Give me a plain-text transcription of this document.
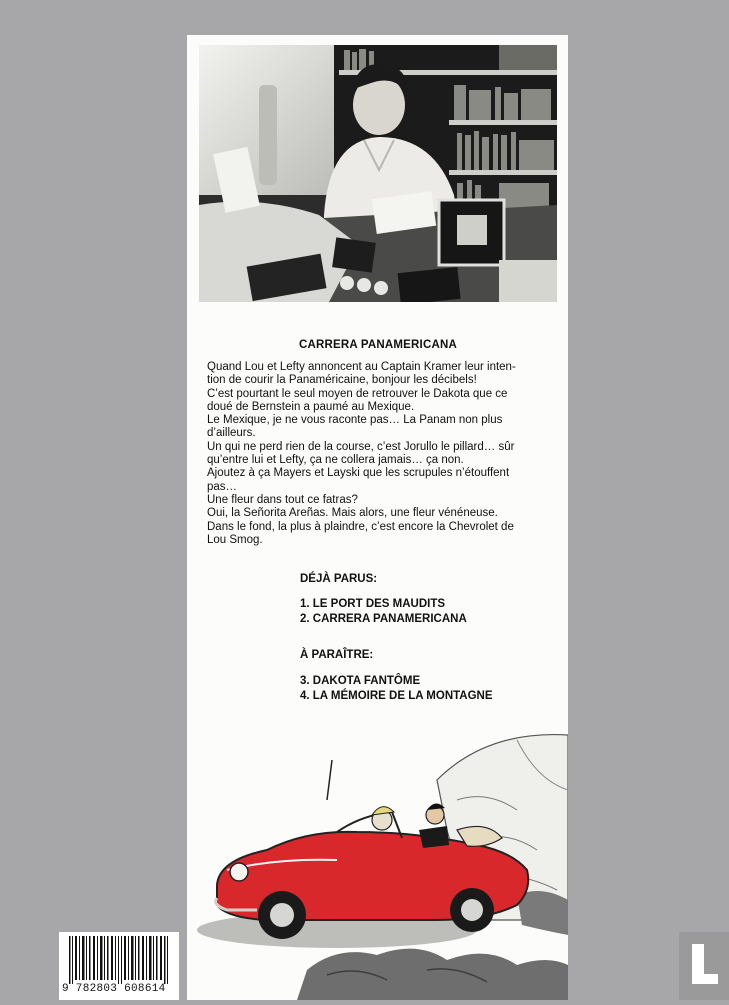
CARRERA PANAMERICANA
Quand Lou et Lefty annoncent au Captain Kramer leur inten-
tion de courir la Panaméricaine, bonjour les décibels!
C’est pourtant le seul moyen de retrouver le Dakota que ce
doué de Bernstein a paumé au Mexique.
Le Mexique, je ne vous raconte pas… La Panam non plus
d’ailleurs.
Un qui ne perd rien de la course, c’est Jorullo le pillard… sûr
qu’entre lui et Lefty, ça ne collera jamais… ça non.
Ajoutez à ça Mayers et Layski que les scrupules n’étouffent
pas…
Une fleur dans tout ce fatras?
Oui, la Señorita Areñas. Mais alors, une fleur vénéneuse.
Dans le fond, la plus à plaindre, c’est encore la Chevrolet de
Lou Smog.
DÉJÀ PARUS:
1. LE PORT DES MAUDITS
2. CARRERA PANAMERICANA
À PARAÎTRE:
3. DAKOTA FANTÔME
4. LA MÉMOIRE DE LA MONTAGNE
9 782803 608614
